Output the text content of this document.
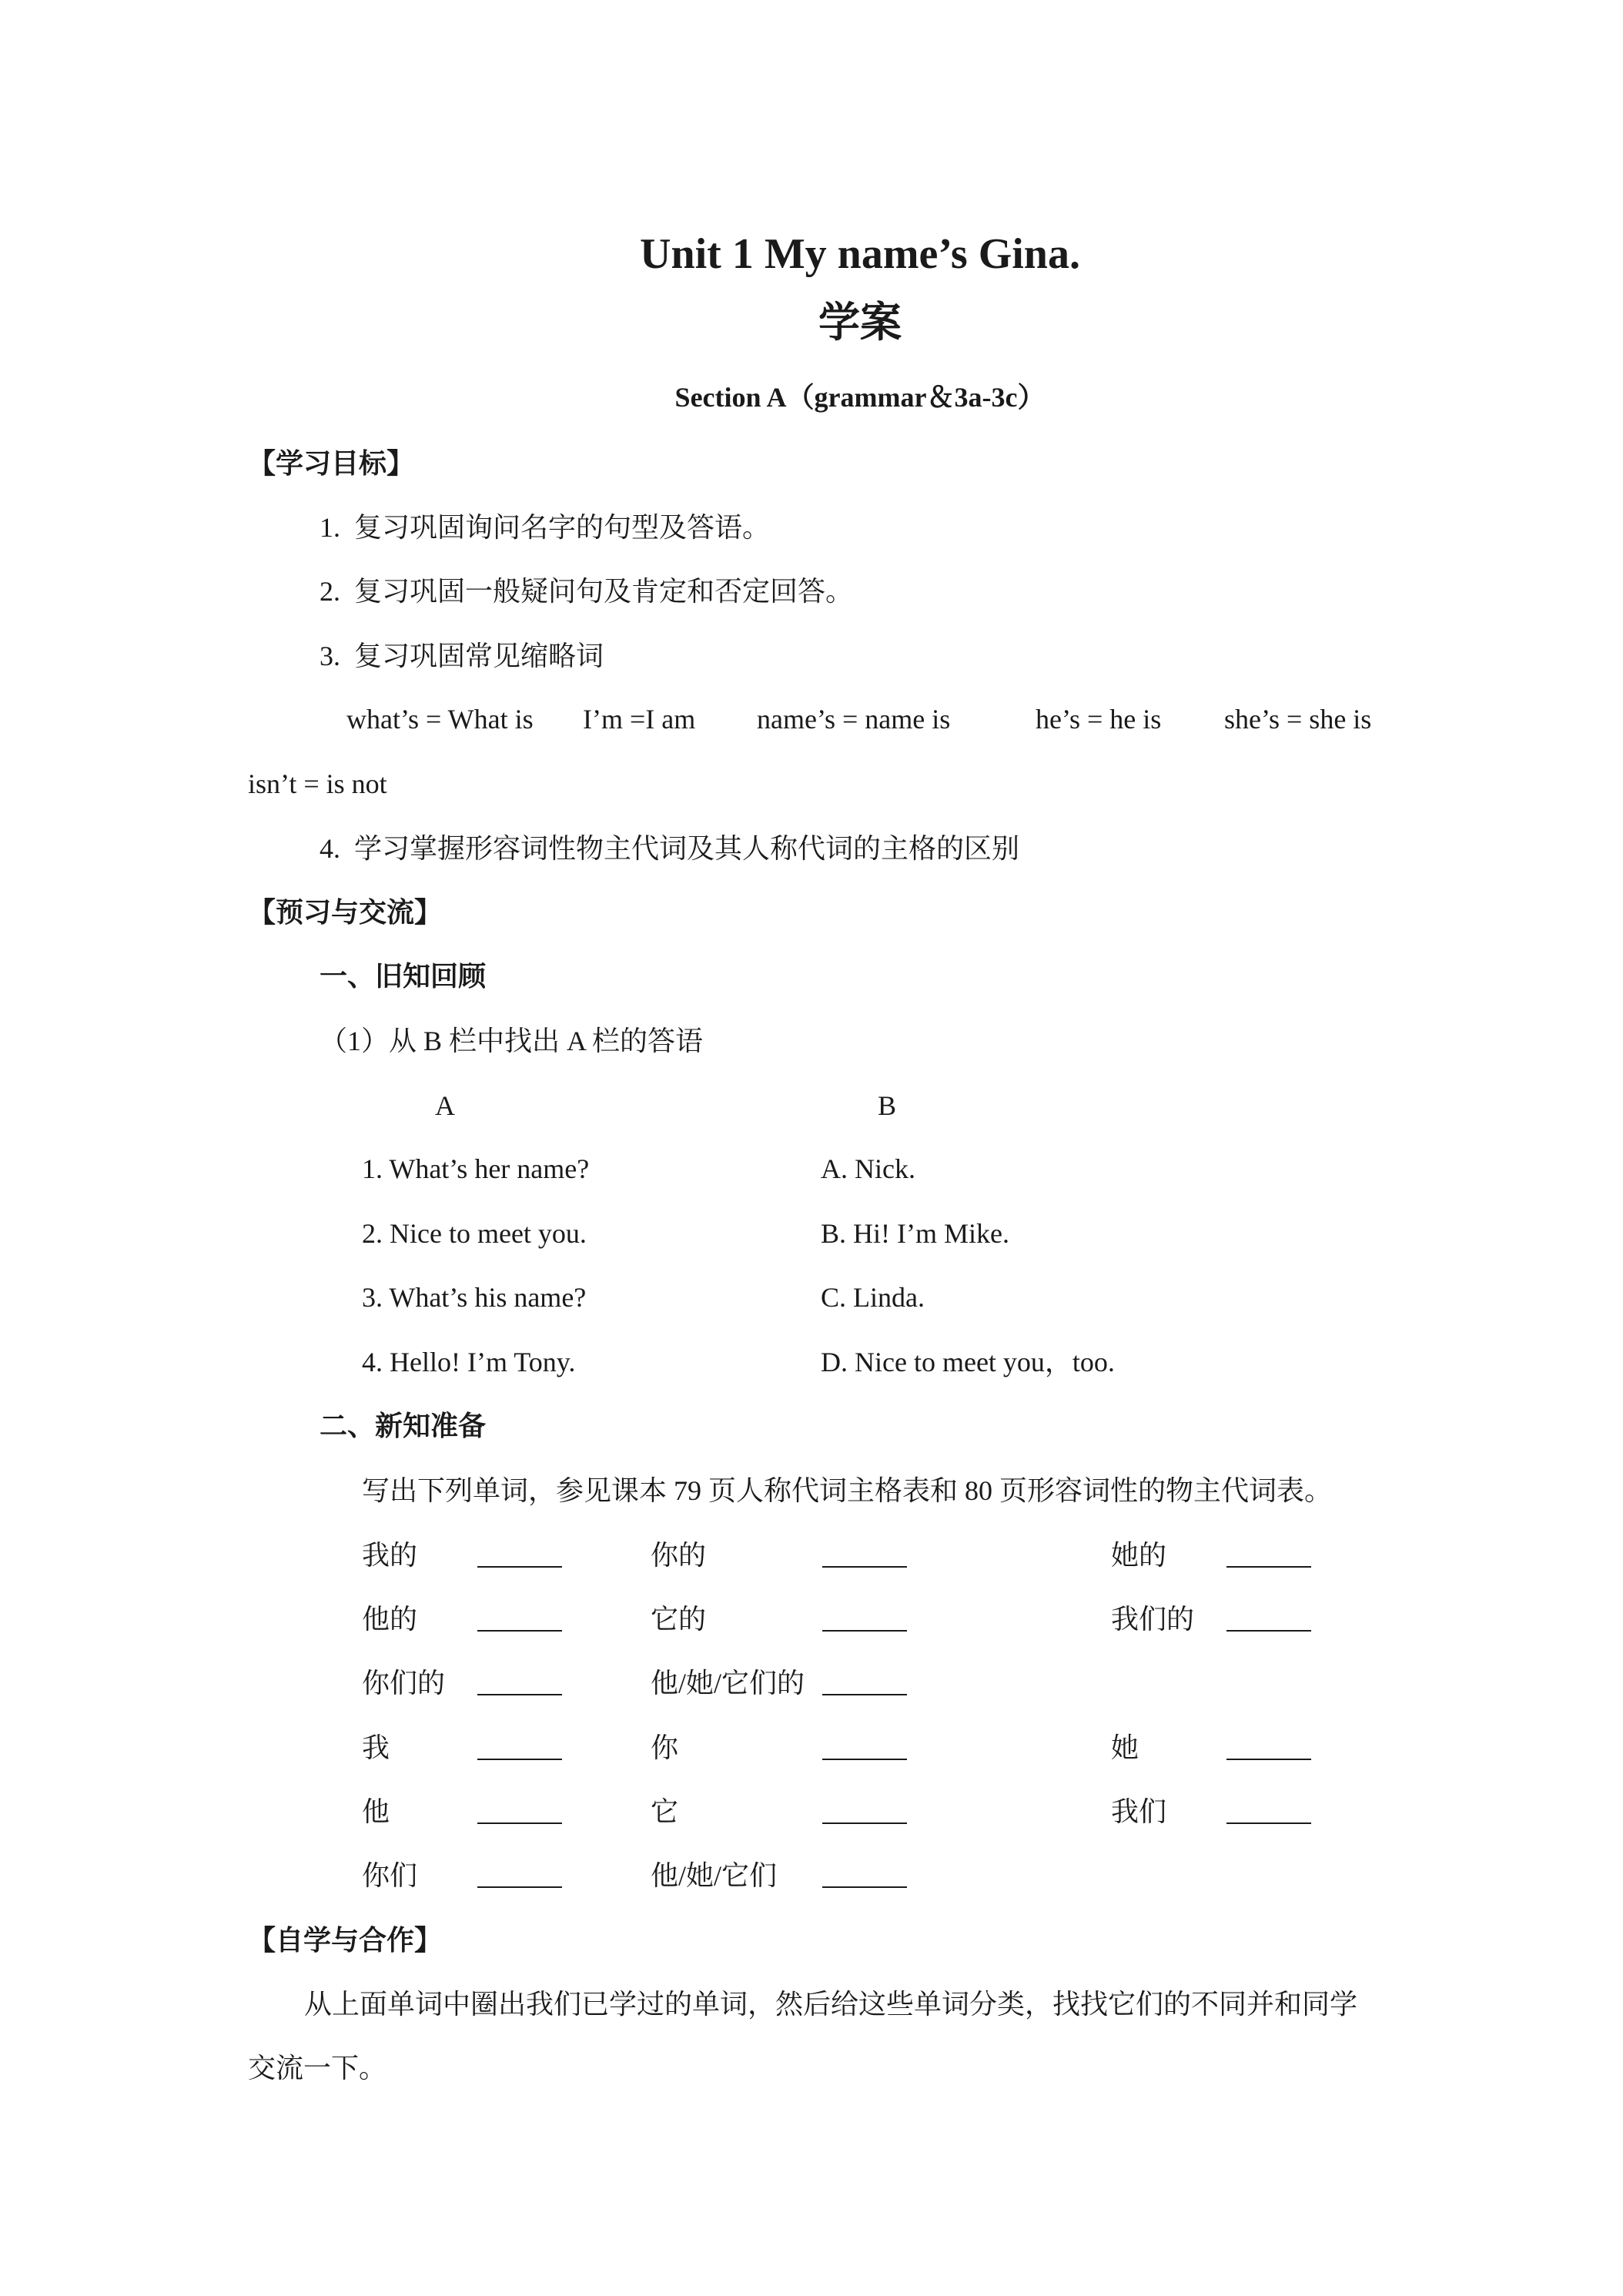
Unit 1 My name’s Gina.
学案
Section A（grammar＆3a-3c）
【学习目标】
1.  复习巩固询问名字的句型及答语。
2.  复习巩固一般疑问句及肯定和否定回答。
3.  复习巩固常见缩略词
what’s = What is I’m =I am name’s = name is	he’s = he is she’s = she is
isn’t = is not
4.  学习掌握形容词性物主代词及其人称代词的主格的区别
【预习与交流】
一、旧知回顾
（1）从 B 栏中找出 A 栏的答语
A	B
1. What’s her name?	A. Nick.
2. Nice to meet you.	B. Hi! I’m Mike.
3. What’s his name?	C. Linda.
4. Hello! I’m Tony.	D. Nice to meet you，too.
二、新知准备
写出下列单词，参见课本 79 页人称代词主格表和 80 页形容词性的物主代词表。
我的	你的	她的
他的	它的	我们的
你们的	他/她/它们的
我	你	她
他	它	我们
你们	他/她/它们
【自学与合作】
从上面单词中圈出我们已学过的单词，然后给这些单词分类，找找它们的不同并和同学
交流一下。
